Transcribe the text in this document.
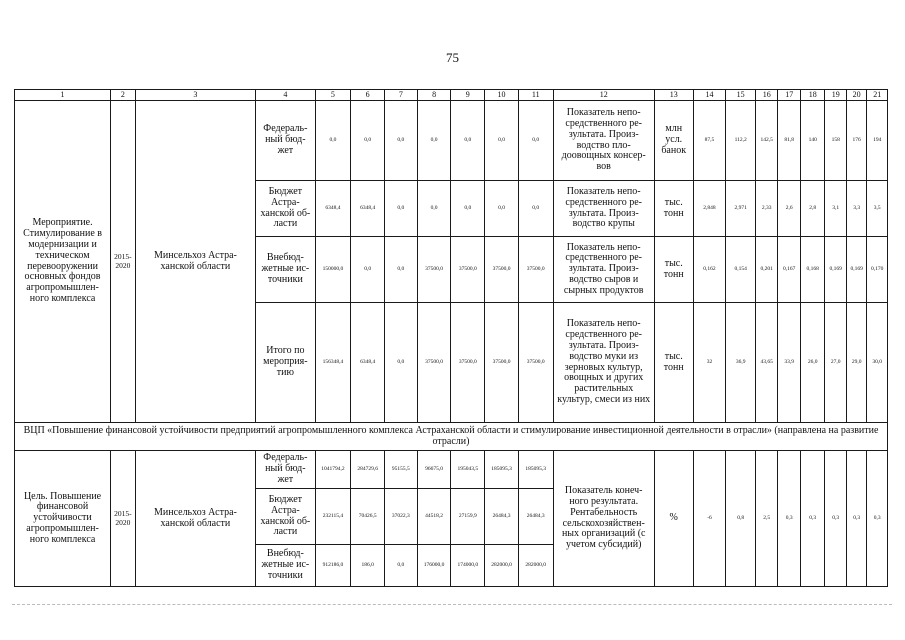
75
1	2	3	4	5	6	7	8	9	10	11	12	13	14	15	16	17	18	19	20	21
Мероприятие. Стимулирование в модернизации и техническом перевооружении основных фондов агропромышлен-ного комплекса	2015-2020	Минсельхоз Астра-ханской области	Федераль-ный бюд-жет	0,0	0,0	0,0	0,0	0,0	0,0	0,0	Показатель непо-средственного ре-зультата. Произ-водство пло-доовощных консер-вов	млн усл. банок	87,5	112,2	142,5	81,8	140	158	176	194
			Бюджет Астра-ханской об-ласти	6348,4	6348,4	0,0	0,0	0,0	0,0	0,0	Показатель непо-средственного ре-зультата. Произ-водство крупы	тыс. тонн	2,848	2,971	2,33	2,6	2,8	3,1	3,3	3,5
			Внебюд-жетные ис-точники	150000,0	0,0	0,0	37500,0	37500,0	37500,0	37500,0	Показатель непо-средственного ре-зультата. Произ-водство сыров и сырных продуктов	тыс. тонн	0,162	0,154	0,201	0,167	0,168	0,169	0,169	0,170
			Итого по мероприя-тию	156348,4	6348,4	0,0	37500,0	37500,0	37500,0	37500,0	Показатель непо-средственного ре-зультата. Произ-водство муки из зерновых культур, овощных и других растительных культур, смеси из них	тыс. тонн	32	36,9	43,65	33,9	26,0	27,0	29,0	30,0
ВЦП «Повышение финансовой устойчивости предприятий агропромышленного комплекса Астраханской области и стимулирование инвестиционной деятельности в отрасли» (направлена на развитие отрасли)																				
Цель. Повышение финансовой устойчивости агропромышлен-ного комплекса	2015-2020	Минсельхоз Астра-ханской области	Федераль-ный бюд-жет	1041794,2	284729,6	95155,5	96675,0	195043,5	185095,3	185095,3	Показатель конеч-ного результата. Рентабельность сельскохозяйствен-ных организаций (с учетом субсидий)	%	-6	0,8	2,5	0,3	0,3	0,3	0,3	0,3
			Бюджет Астра-ханской об-ласти	232115,4	70426,5	37022,3	44518,2	27159,9	26484,3	26484,3										
			Внебюд-жетные ис-точники	912186,0	186,0	0,0	176000,0	174000,0	282000,0	282000,0										
